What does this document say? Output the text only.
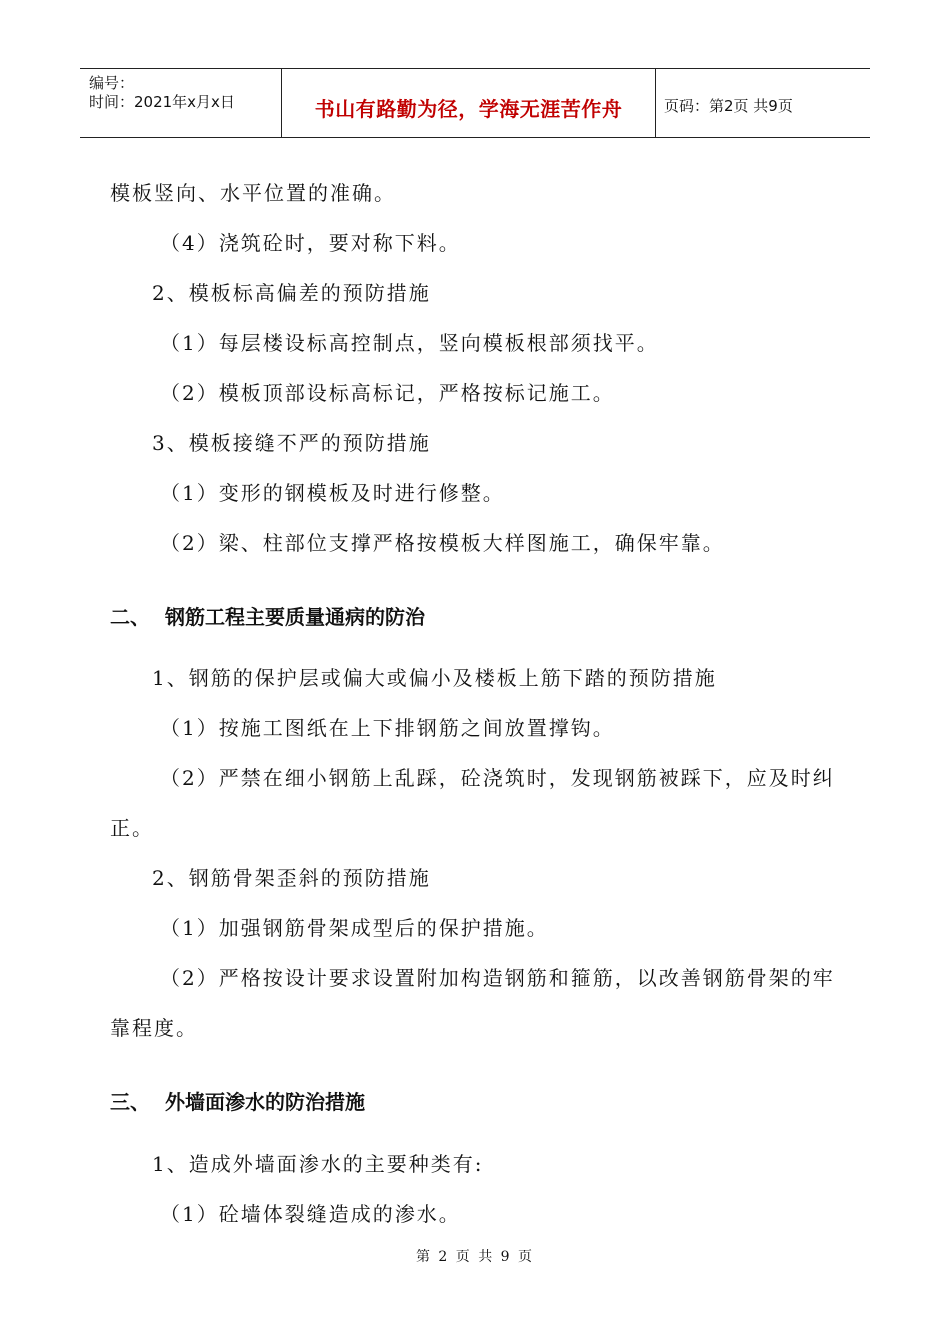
编号：
时间：2021年x月x日	书山有路勤为径，学海无涯苦作舟	页码：第2页 共9页
模板竖向、水平位置的准确。
（4）浇筑砼时，要对称下料。
2、模板标高偏差的预防措施
（1）每层楼设标高控制点，竖向模板根部须找平。
（2）模板顶部设标高标记，严格按标记施工。
3、模板接缝不严的预防措施
（1）变形的钢模板及时进行修整。
（2）梁、柱部位支撑严格按模板大样图施工，确保牢靠。
二、 钢筋工程主要质量通病的防治
1、钢筋的保护层或偏大或偏小及楼板上筋下踏的预防措施
（1）按施工图纸在上下排钢筋之间放置撑钩。
（2）严禁在细小钢筋上乱踩，砼浇筑时，发现钢筋被踩下，应及时纠
正。
2、钢筋骨架歪斜的预防措施
（1）加强钢筋骨架成型后的保护措施。
（2）严格按设计要求设置附加构造钢筋和箍筋，以改善钢筋骨架的牢
靠程度。
三、 外墙面渗水的防治措施
1、造成外墙面渗水的主要种类有:
（1）砼墙体裂缝造成的渗水。
第 2 页 共 9 页
